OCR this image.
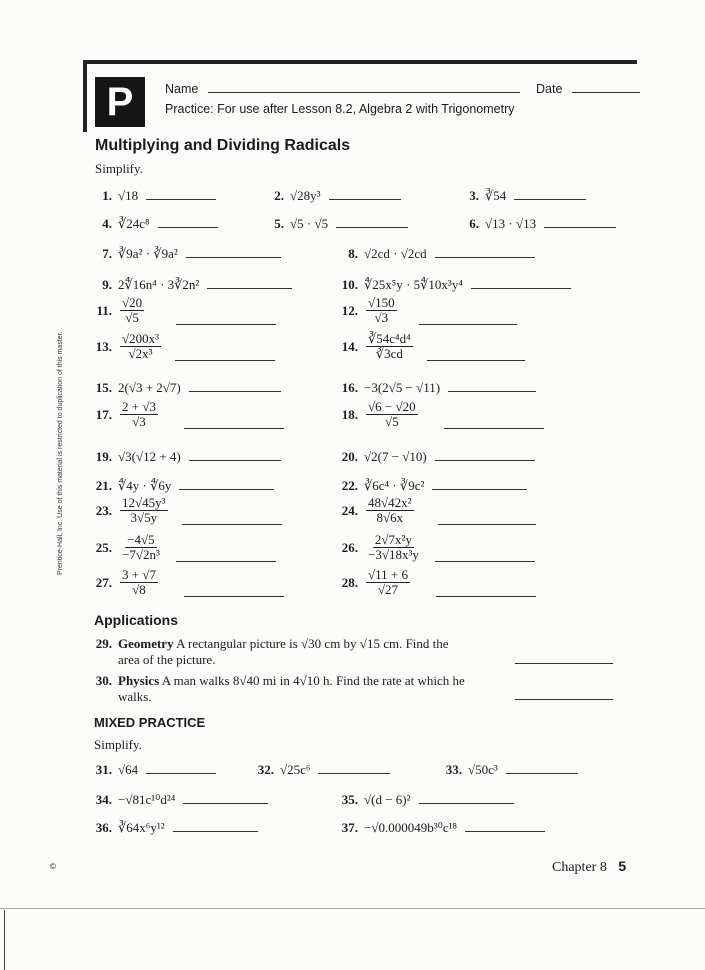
P	Name	Date
Practice: For use after Lesson 8.2, Algebra 2 with Trigonometry
Multiplying and Dividing Radicals
Simplify.
1. √18	2. √28y³	3. ∛54
4. ∛24c⁸	5. √5 · √5	6. √13 · √13
7. ∛9a² · ∛9a²	8. √2cd · √2cd
9. 2∜16n⁴ · 3∛2n²	10. ∜25x⁵y · 5∜10x³y⁴
11. $\frac{√20}{√5}$	12. $\frac{√150}{√3}$
13. $\frac{\text{√200x³}}{\text{√2x³}}$	14. $\frac{\text{∛54c⁴d⁴}}{∛3cd}$
15. 2(√3 + 2√7)	16. −3(2√5 − √11)
17. $\frac{2 + √3}{√3}$	18. $\frac{√6 - √20}{√5}$
19. √3(√12 + 4)	20. √2(7 − √10)
21. ∜4y · ∜6y	22. ∛6c⁴ · ∛9c²
23. $\frac{\text{12√45y³}}{3√5y}$	24. $\frac{\text{48√42x²}}{8√6x}$
25. $\frac{-4√5}{\text{−7√2n³}}$	26. $\frac{\text{2√7x²y}}{\text{−3√18x³y}}$
27. $\frac{3 + √7}{√8}$	28. $\frac{√11 + 6}{√27}$
Applications
29. Geometry A rectangular picture is √30 cm by √15 cm. Find the
area of the picture.
30. Physics A man walks 8√40 mi in 4√10 h. Find the rate at which he
walks.
MIXED PRACTICE
Simplify.
31. √64	32. √25c⁶	33. √50c³
34. −√81c¹⁰d²⁴	35. √(d − 6)²
36. ∛64x⁶y¹²	37. −√0.000049b³⁰c¹⁸
Prentice-Hall, Inc. Use of this material is restricted to duplication of this master.
©	Chapter 8 5
